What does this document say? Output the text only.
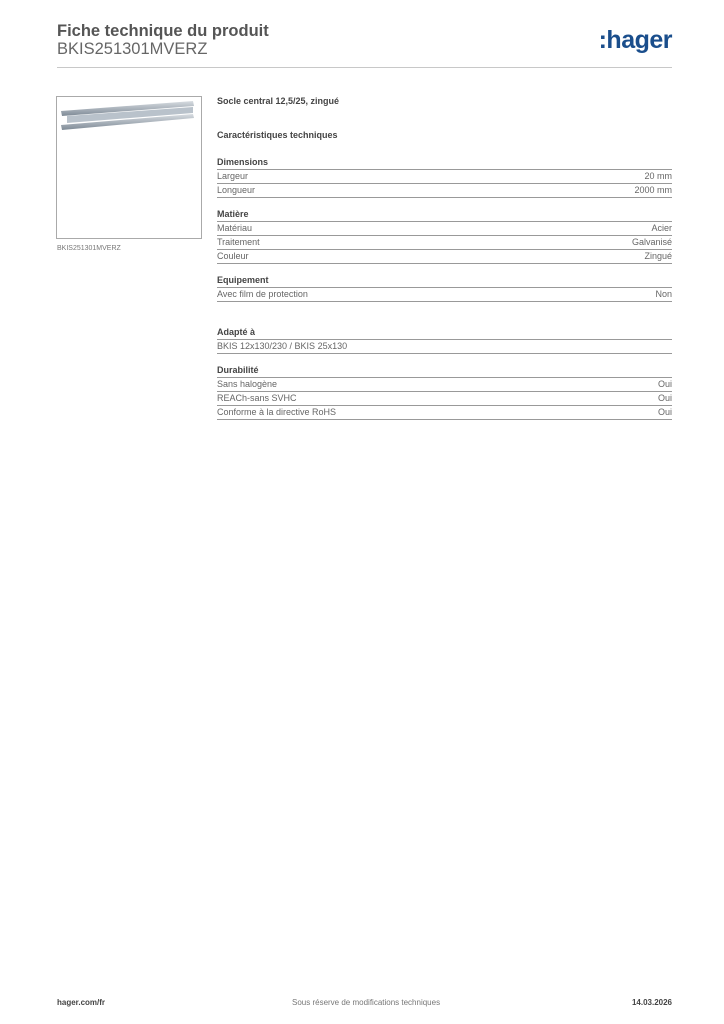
Fiche technique du produit
BKIS251301MVERZ	:hager
BKIS251301MVERZ
Socle central 12,5/25, zingué
Caractéristiques techniques
Dimensions
Largeur	20 mm
Longueur	2000 mm
Matière
Matériau	Acier
Traitement	Galvanisé
Couleur	Zingué
Equipement
Avec film de protection	Non
Adapté à
BKIS 12x130/230 / BKIS 25x130
Durabilité
Sans halogène	Oui
REACh-sans SVHC	Oui
Conforme à la directive RoHS	Oui
hager.com/fr	Sous réserve de modifications techniques	14.03.2026
